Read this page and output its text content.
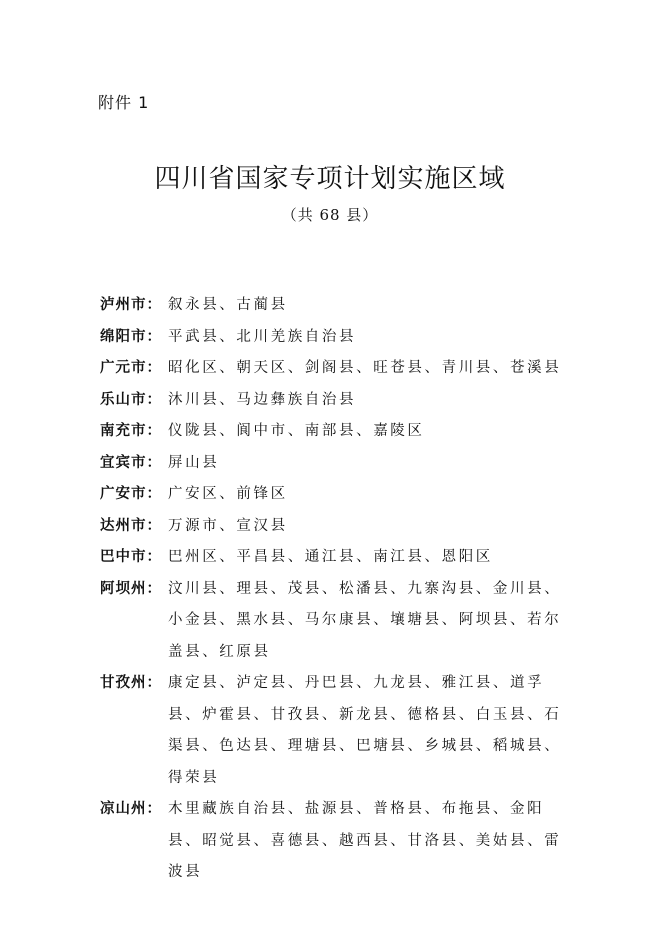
附件 1
四川省国家专项计划实施区域
（共 68 县）
泸州市： 叙永县、古蔺县
绵阳市： 平武县、北川羌族自治县
广元市： 昭化区、朝天区、剑阁县、旺苍县、青川县、苍溪县
乐山市： 沐川县、马边彝族自治县
南充市： 仪陇县、阆中市、南部县、嘉陵区
宜宾市： 屏山县
广安市： 广安区、前锋区
达州市： 万源市、宣汉县
巴中市： 巴州区、平昌县、通江县、南江县、恩阳区
阿坝州： 汶川县、理县、茂县、松潘县、九寨沟县、金川县、小金县、黑水县、马尔康县、壤塘县、阿坝县、若尔盖县、红原县
甘孜州： 康定县、泸定县、丹巴县、九龙县、雅江县、道孚县、炉霍县、甘孜县、新龙县、德格县、白玉县、石渠县、色达县、理塘县、巴塘县、乡城县、稻城县、得荣县
凉山州： 木里藏族自治县、盐源县、普格县、布拖县、金阳县、昭觉县、喜德县、越西县、甘洛县、美姑县、雷波县
